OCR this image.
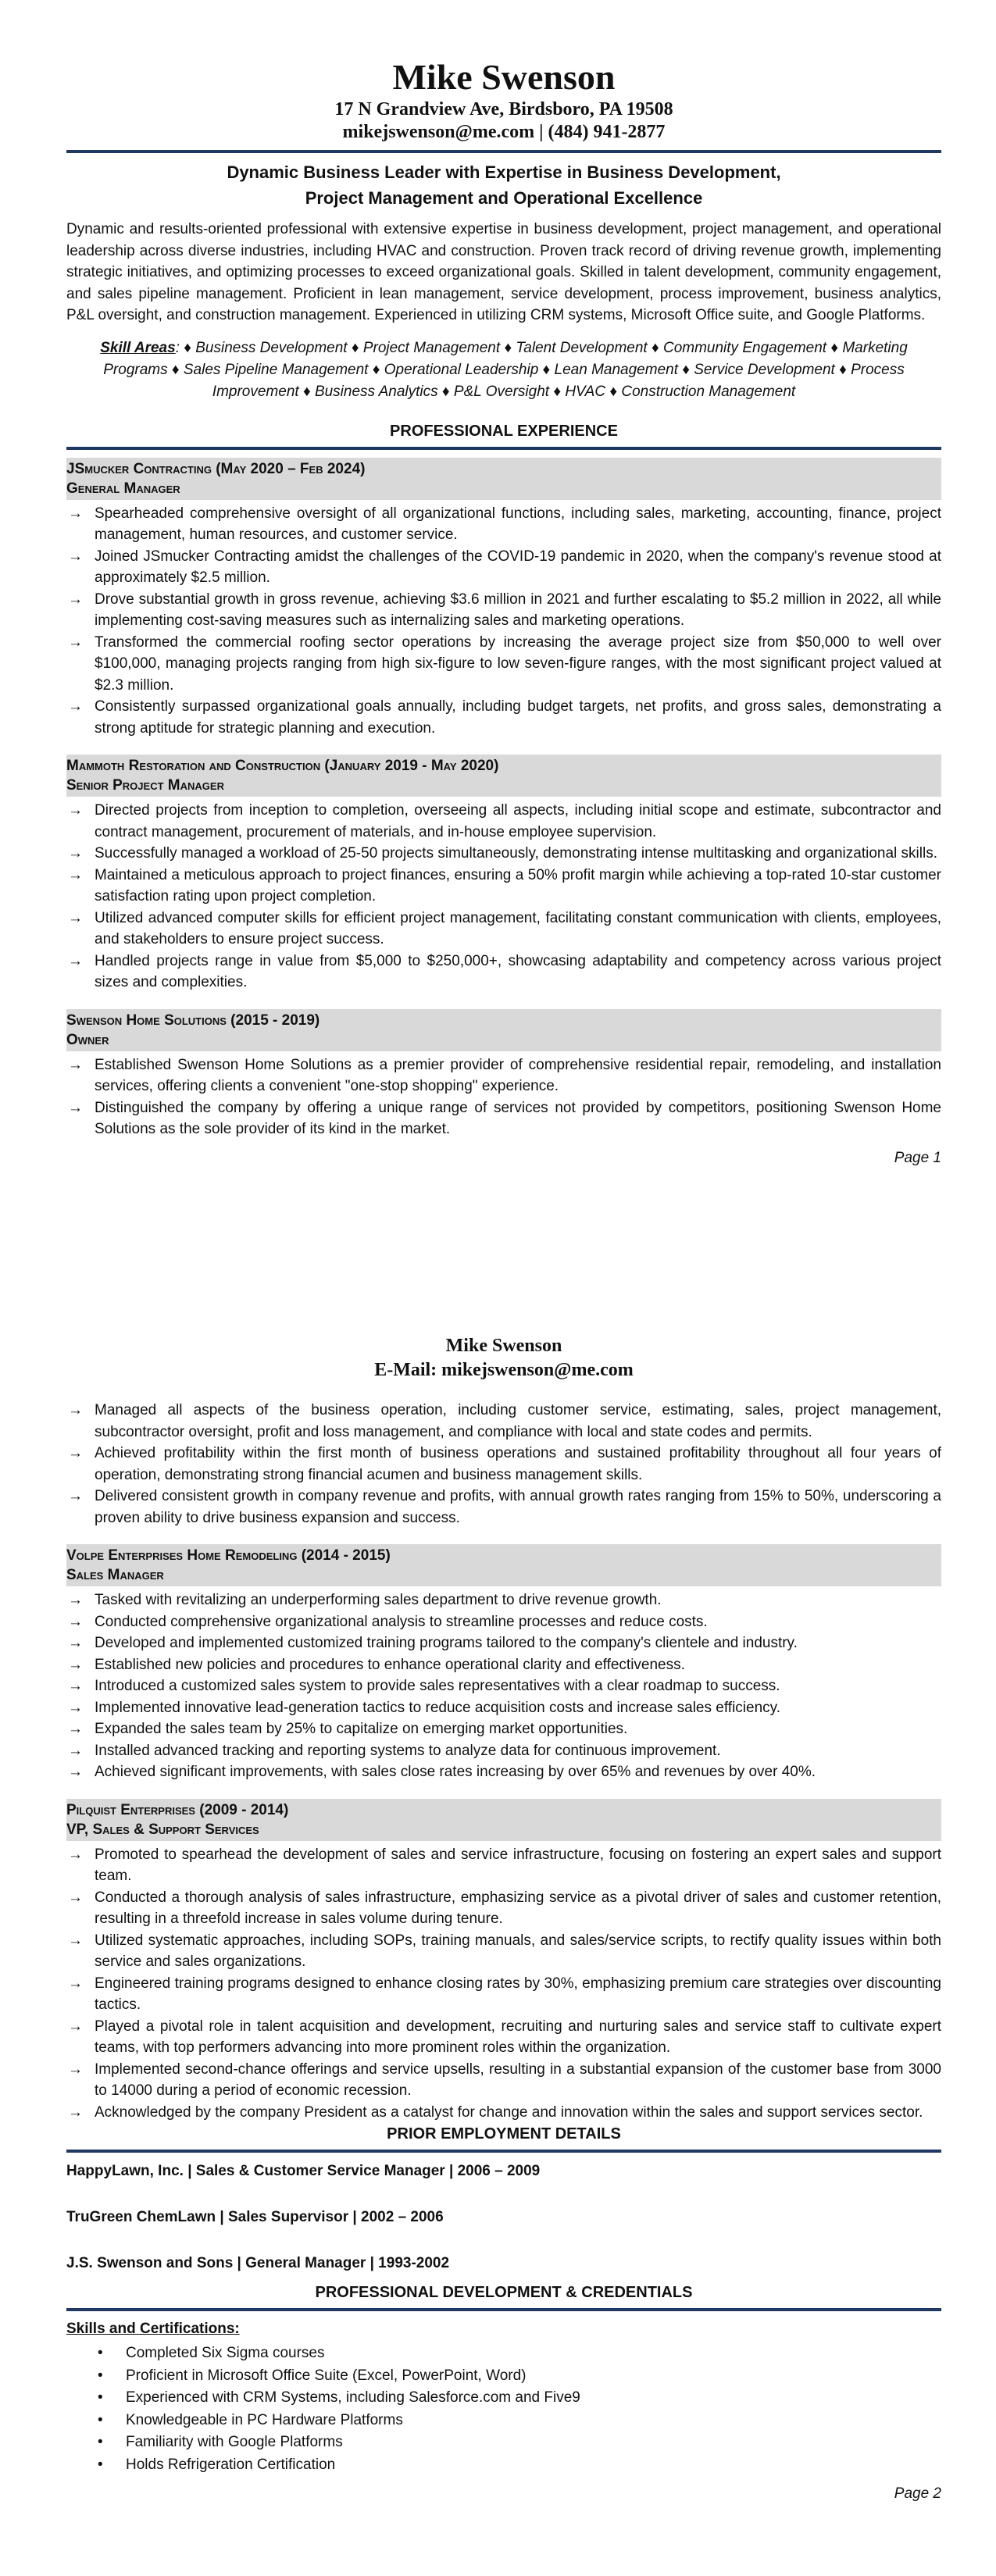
Mike Swenson
17 N Grandview Ave, Birdsboro, PA 19508
mikejswenson@me.com | (484) 941-2877
Dynamic Business Leader with Expertise in Business Development,
Project Management and Operational Excellence
Dynamic and results-oriented professional with extensive expertise in business development, project management, and operational leadership across diverse industries, including HVAC and construction. Proven track record of driving revenue growth, implementing strategic initiatives, and optimizing processes to exceed organizational goals. Skilled in talent development, community engagement, and sales pipeline management. Proficient in lean management, service development, process improvement, business analytics, P&L oversight, and construction management. Experienced in utilizing CRM systems, Microsoft Office suite, and Google Platforms.
Skill Areas: ♦ Business Development ♦ Project Management ♦ Talent Development ♦ Community Engagement ♦ Marketing Programs ♦ Sales Pipeline Management ♦ Operational Leadership ♦ Lean Management ♦ Service Development ♦ Process Improvement ♦ Business Analytics ♦ P&L Oversight ♦ HVAC ♦ Construction Management
PROFESSIONAL EXPERIENCE
JSmucker Contracting (May 2020 – Feb 2024)
General Manager
→ Spearheaded comprehensive oversight of all organizational functions, including sales, marketing, accounting, finance, project management, human resources, and customer service.
→ Joined JSmucker Contracting amidst the challenges of the COVID-19 pandemic in 2020, when the company's revenue stood at approximately $2.5 million.
→ Drove substantial growth in gross revenue, achieving $3.6 million in 2021 and further escalating to $5.2 million in 2022, all while implementing cost-saving measures such as internalizing sales and marketing operations.
→ Transformed the commercial roofing sector operations by increasing the average project size from $50,000 to well over $100,000, managing projects ranging from high six-figure to low seven-figure ranges, with the most significant project valued at $2.3 million.
→ Consistently surpassed organizational goals annually, including budget targets, net profits, and gross sales, demonstrating a strong aptitude for strategic planning and execution.
Mammoth Restoration and Construction (January 2019 - May 2020)
Senior Project Manager
→ Directed projects from inception to completion, overseeing all aspects, including initial scope and estimate, subcontractor and contract management, procurement of materials, and in-house employee supervision.
→ Successfully managed a workload of 25-50 projects simultaneously, demonstrating intense multitasking and organizational skills.
→ Maintained a meticulous approach to project finances, ensuring a 50% profit margin while achieving a top-rated 10-star customer satisfaction rating upon project completion.
→ Utilized advanced computer skills for efficient project management, facilitating constant communication with clients, employees, and stakeholders to ensure project success.
→ Handled projects range in value from $5,000 to $250,000+, showcasing adaptability and competency across various project sizes and complexities.
Swenson Home Solutions (2015 - 2019)
Owner
→ Established Swenson Home Solutions as a premier provider of comprehensive residential repair, remodeling, and installation services, offering clients a convenient "one-stop shopping" experience.
→ Distinguished the company by offering a unique range of services not provided by competitors, positioning Swenson Home Solutions as the sole provider of its kind in the market.
Page 1
Mike Swenson
E-Mail: mikejswenson@me.com
→ Managed all aspects of the business operation, including customer service, estimating, sales, project management, subcontractor oversight, profit and loss management, and compliance with local and state codes and permits.
→ Achieved profitability within the first month of business operations and sustained profitability throughout all four years of operation, demonstrating strong financial acumen and business management skills.
→ Delivered consistent growth in company revenue and profits, with annual growth rates ranging from 15% to 50%, underscoring a proven ability to drive business expansion and success.
Volpe Enterprises Home Remodeling (2014 - 2015)
Sales Manager
→ Tasked with revitalizing an underperforming sales department to drive revenue growth.
→ Conducted comprehensive organizational analysis to streamline processes and reduce costs.
→ Developed and implemented customized training programs tailored to the company's clientele and industry.
→ Established new policies and procedures to enhance operational clarity and effectiveness.
→ Introduced a customized sales system to provide sales representatives with a clear roadmap to success.
→ Implemented innovative lead-generation tactics to reduce acquisition costs and increase sales efficiency.
→ Expanded the sales team by 25% to capitalize on emerging market opportunities.
→ Installed advanced tracking and reporting systems to analyze data for continuous improvement.
→ Achieved significant improvements, with sales close rates increasing by over 65% and revenues by over 40%.
Pilquist Enterprises (2009 - 2014)
VP, Sales & Support Services
→ Promoted to spearhead the development of sales and service infrastructure, focusing on fostering an expert sales and support team.
→ Conducted a thorough analysis of sales infrastructure, emphasizing service as a pivotal driver of sales and customer retention, resulting in a threefold increase in sales volume during tenure.
→ Utilized systematic approaches, including SOPs, training manuals, and sales/service scripts, to rectify quality issues within both service and sales organizations.
→ Engineered training programs designed to enhance closing rates by 30%, emphasizing premium care strategies over discounting tactics.
→ Played a pivotal role in talent acquisition and development, recruiting and nurturing sales and service staff to cultivate expert teams, with top performers advancing into more prominent roles within the organization.
→ Implemented second-chance offerings and service upsells, resulting in a substantial expansion of the customer base from 3000 to 14000 during a period of economic recession.
→ Acknowledged by the company President as a catalyst for change and innovation within the sales and support services sector.
PRIOR EMPLOYMENT DETAILS
HappyLawn, Inc. | Sales & Customer Service Manager | 2006 – 2009
TruGreen ChemLawn | Sales Supervisor | 2002 – 2006
J.S. Swenson and Sons | General Manager | 1993-2002
PROFESSIONAL DEVELOPMENT & CREDENTIALS
Skills and Certifications:
• Completed Six Sigma courses
• Proficient in Microsoft Office Suite (Excel, PowerPoint, Word)
• Experienced with CRM Systems, including Salesforce.com and Five9
• Knowledgeable in PC Hardware Platforms
• Familiarity with Google Platforms
• Holds Refrigeration Certification
Page 2
